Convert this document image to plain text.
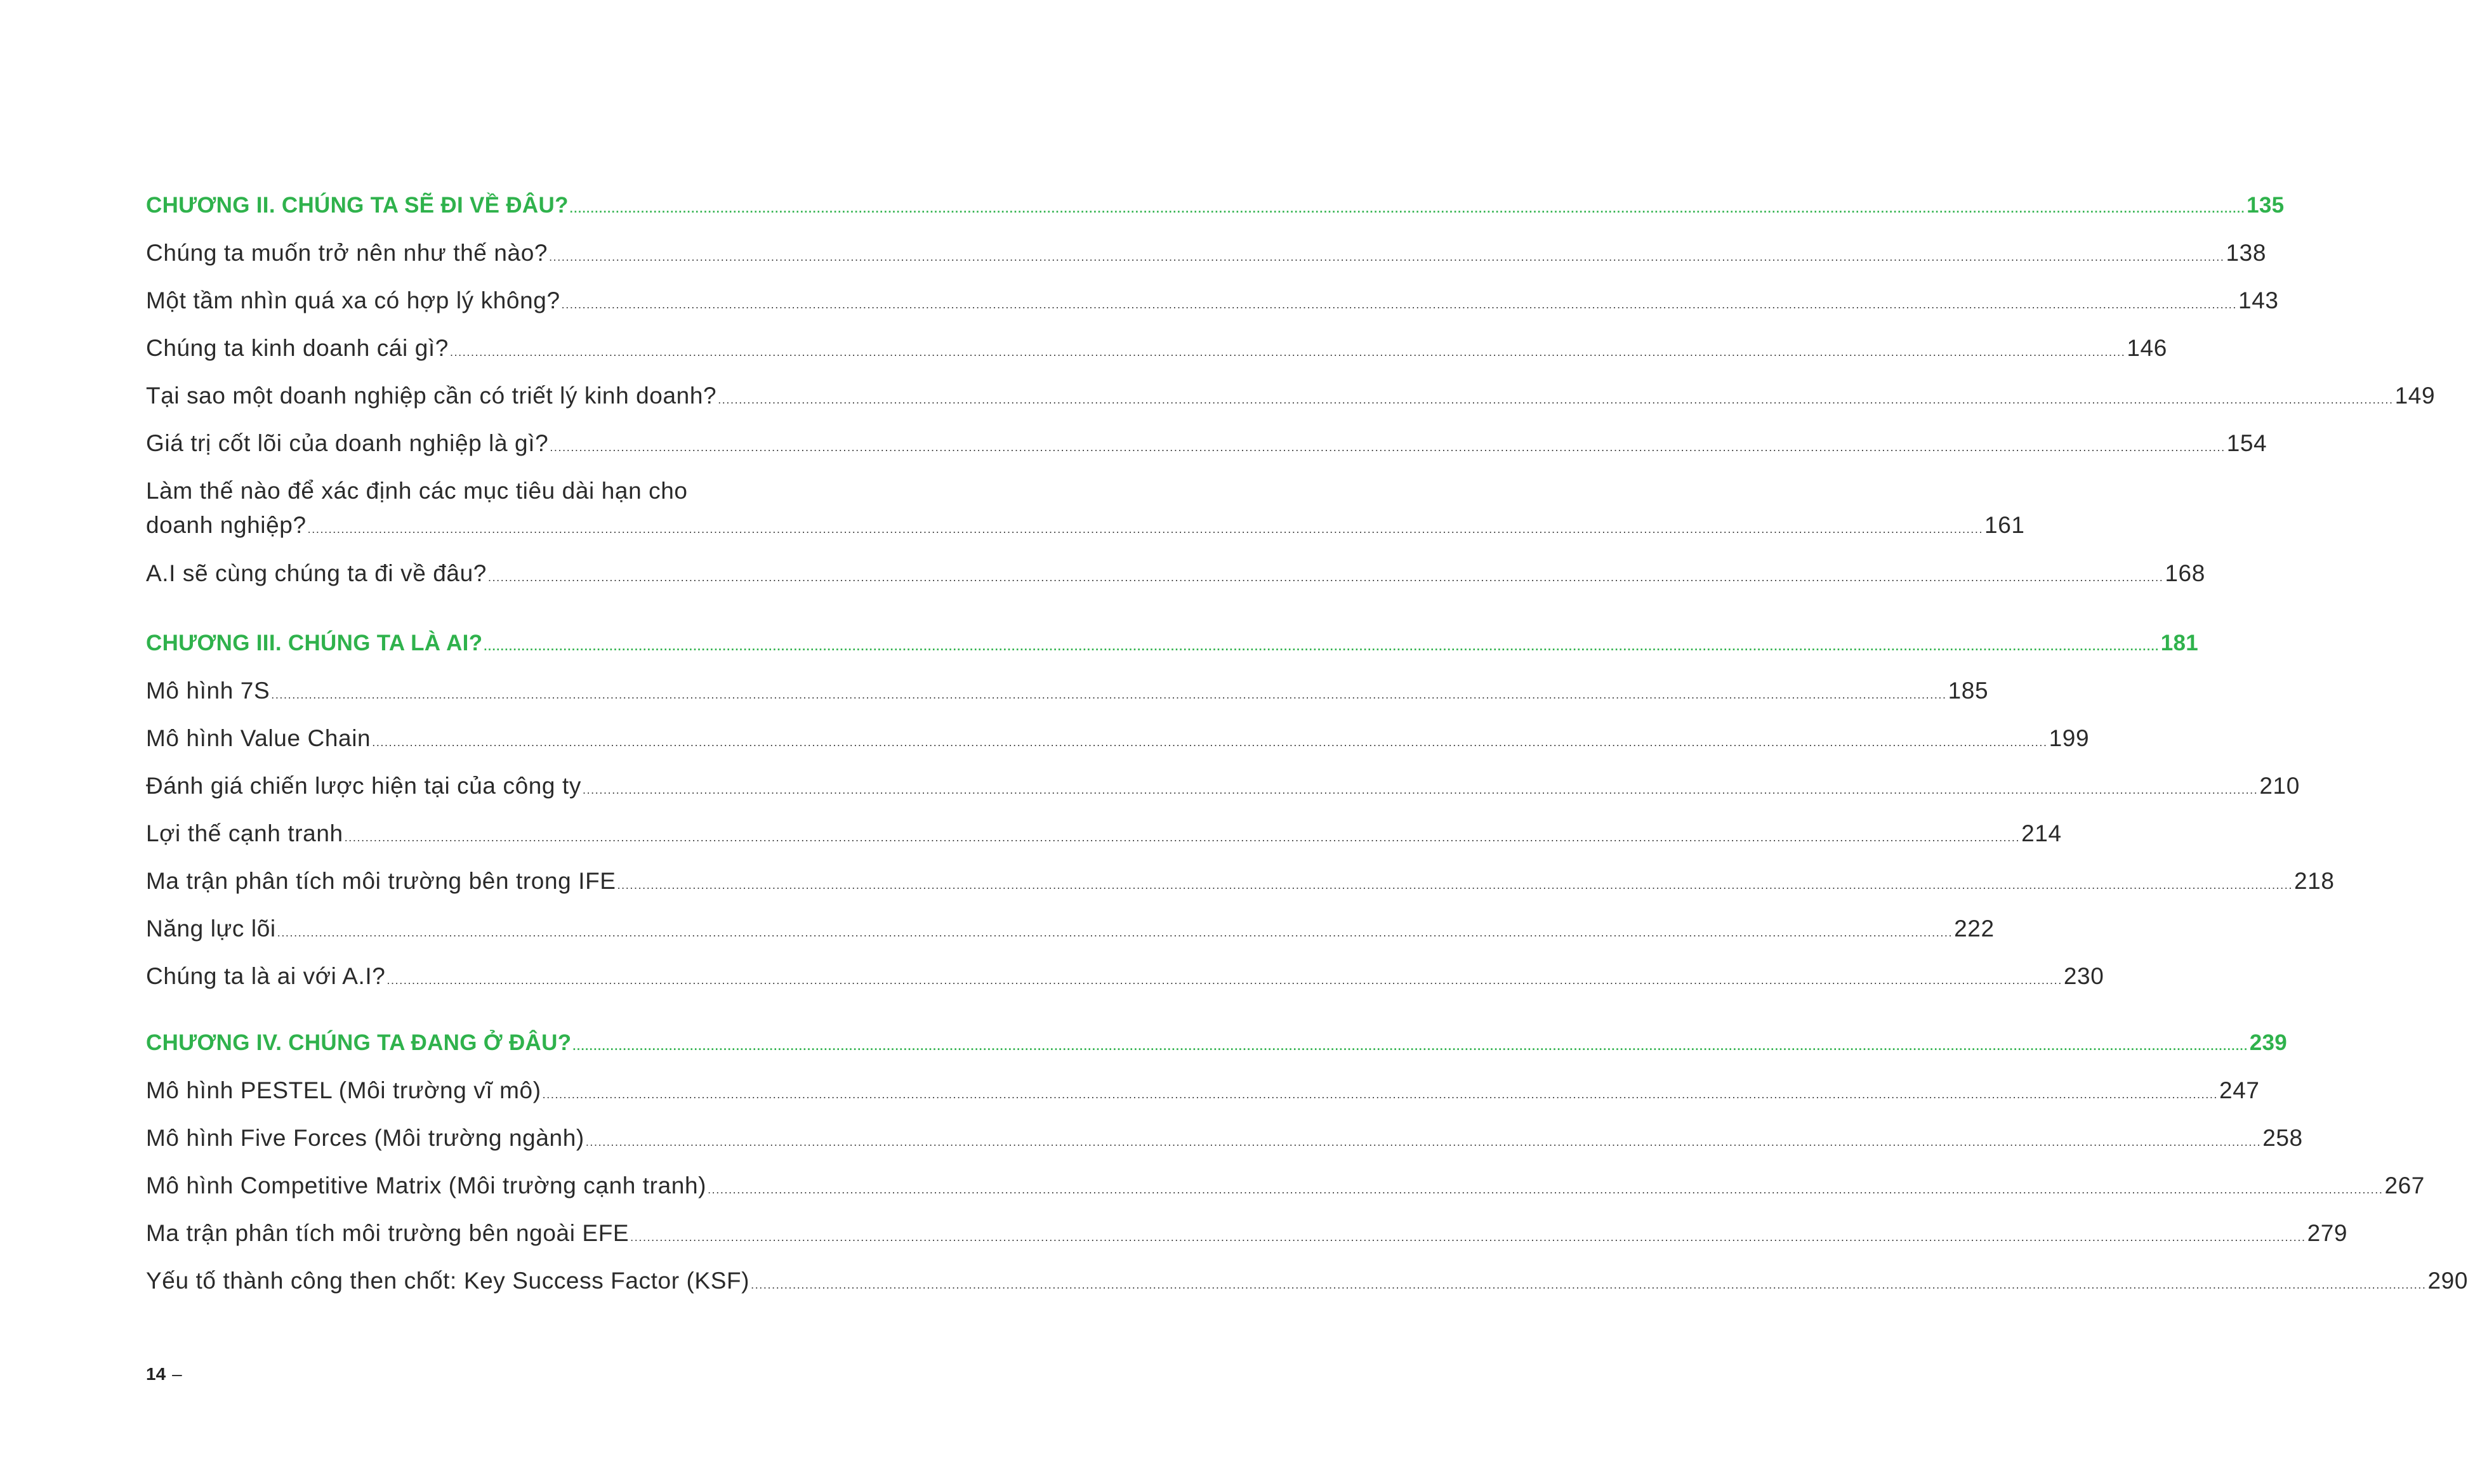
CHƯƠNG II. CHÚNG TA SẼ ĐI VỀ ĐÂU? ................................................................................................................................................................................................................................................................................................................................................................................................................ 135
Chúng ta muốn trở nên như thế nào? ................................................................................................................................................................................................................................................................................................................................................................................................................ 138
Một tầm nhìn quá xa có hợp lý không? ................................................................................................................................................................................................................................................................................................................................................................................................................ 143
Chúng ta kinh doanh cái gì? ................................................................................................................................................................................................................................................................................................................................................................................................................ 146
Tại sao một doanh nghiệp cần có triết lý kinh doanh? ................................................................................................................................................................................................................................................................................................................................................................................................................ 149
Giá trị cốt lõi của doanh nghiệp là gì? ................................................................................................................................................................................................................................................................................................................................................................................................................ 154
Làm thế nào để xác định các mục tiêu dài hạn cho
doanh nghiệp? ................................................................................................................................................................................................................................................................................................................................................................................................................ 161
A.I sẽ cùng chúng ta đi về đâu? ................................................................................................................................................................................................................................................................................................................................................................................................................ 168
CHƯƠNG III. CHÚNG TA LÀ AI? ................................................................................................................................................................................................................................................................................................................................................................................................................ 181
Mô hình 7S ................................................................................................................................................................................................................................................................................................................................................................................................................ 185
Mô hình Value Chain ................................................................................................................................................................................................................................................................................................................................................................................................................ 199
Đánh giá chiến lược hiện tại của công ty ................................................................................................................................................................................................................................................................................................................................................................................................................ 210
Lợi thế cạnh tranh ................................................................................................................................................................................................................................................................................................................................................................................................................ 214
Ma trận phân tích môi trường bên trong IFE ................................................................................................................................................................................................................................................................................................................................................................................................................ 218
Năng lực lõi ................................................................................................................................................................................................................................................................................................................................................................................................................ 222
Chúng ta là ai với A.I? ................................................................................................................................................................................................................................................................................................................................................................................................................ 230
CHƯƠNG IV. CHÚNG TA ĐANG Ở ĐÂU? ................................................................................................................................................................................................................................................................................................................................................................................................................ 239
Mô hình PESTEL (Môi trường vĩ mô) ................................................................................................................................................................................................................................................................................................................................................................................................................ 247
Mô hình Five Forces (Môi trường ngành) ................................................................................................................................................................................................................................................................................................................................................................................................................ 258
Mô hình Competitive Matrix (Môi trường cạnh tranh) ................................................................................................................................................................................................................................................................................................................................................................................................................ 267
Ma trận phân tích môi trường bên ngoài EFE ................................................................................................................................................................................................................................................................................................................................................................................................................ 279
Yếu tố thành công then chốt: Key Success Factor (KSF) ................................................................................................................................................................................................................................................................................................................................................................................................................ 290
14 –
